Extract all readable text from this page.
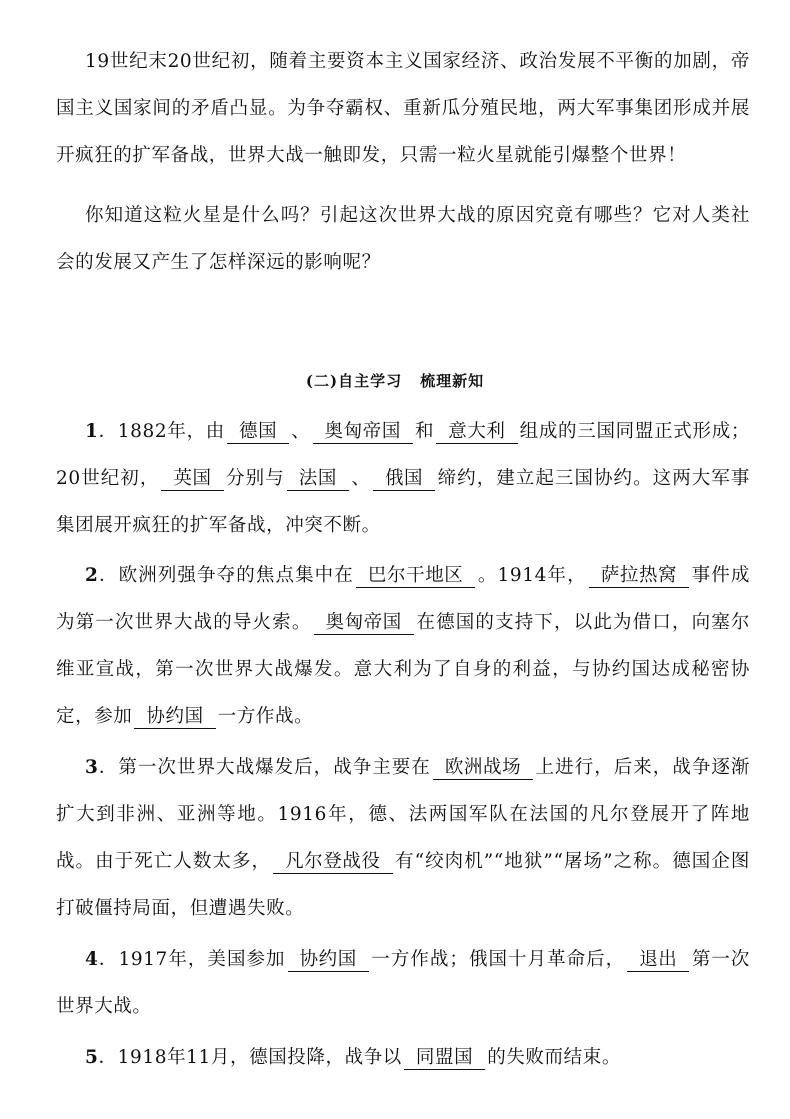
19世纪末20世纪初，随着主要资本主义国家经济、政治发展不平衡的加剧，帝国主义国家间的矛盾凸显。为争夺霸权、重新瓜分殖民地，两大军事集团形成并展开疯狂的扩军备战，世界大战一触即发，只需一粒火星就能引爆整个世界！

你知道这粒火星是什么吗？引起这次世界大战的原因究竟有哪些？它对人类社会的发展又产生了怎样深远的影响呢？

(二)自主学习 梳理新知

1．1882年，由 德国 、 奥匈帝国 和 意大利 组成的三国同盟正式形成；20世纪初， 英国 分别与 法国 、 俄国 缔约，建立起三国协约。这两大军事集团展开疯狂的扩军备战，冲突不断。

2．欧洲列强争夺的焦点集中在 巴尔干地区 。1914年， 萨拉热窝 事件成为第一次世界大战的导火索。 奥匈帝国 在德国的支持下，以此为借口，向塞尔维亚宣战，第一次世界大战爆发。意大利为了自身的利益，与协约国达成秘密协定，参加 协约国 一方作战。

3．第一次世界大战爆发后，战争主要在 欧洲战场 上进行，后来，战争逐渐扩大到非洲、亚洲等地。1916年，德、法两国军队在法国的凡尔登展开了阵地战。由于死亡人数太多， 凡尔登战役 有“绞肉机”“地狱”“屠场”之称。德国企图打破僵持局面，但遭遇失败。

4．1917年，美国参加 协约国 一方作战；俄国十月革命后， 退出 第一次世界大战。

5．1918年11月，德国投降，战争以 同盟国 的失败而结束。
